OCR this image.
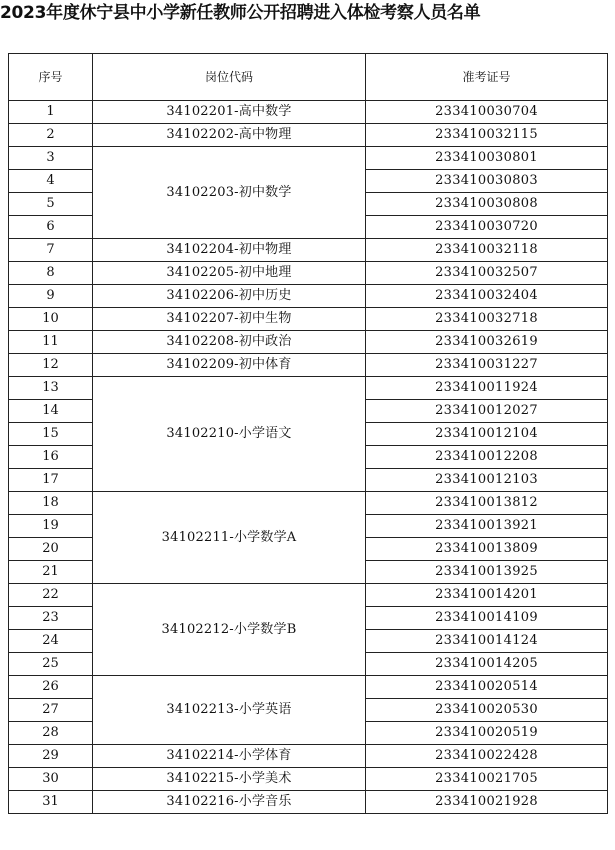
2023年度休宁县中小学新任教师公开招聘进入体检考察人员名单
序号	岗位代码	准考证号
1	34102201-高中数学	233410030704
2	34102202-高中物理	233410032115
3	34102203-初中数学	233410030801
4		233410030803
5		233410030808
6		233410030720
7	34102204-初中物理	233410032118
8	34102205-初中地理	233410032507
9	34102206-初中历史	233410032404
10	34102207-初中生物	233410032718
11	34102208-初中政治	233410032619
12	34102209-初中体育	233410031227
13	34102210-小学语文	233410011924
14		233410012027
15		233410012104
16		233410012208
17		233410012103
18	34102211-小学数学A	233410013812
19		233410013921
20		233410013809
21		233410013925
22	34102212-小学数学B	233410014201
23		233410014109
24		233410014124
25		233410014205
26	34102213-小学英语	233410020514
27		233410020530
28		233410020519
29	34102214-小学体育	233410022428
30	34102215-小学美术	233410021705
31	34102216-小学音乐	233410021928
